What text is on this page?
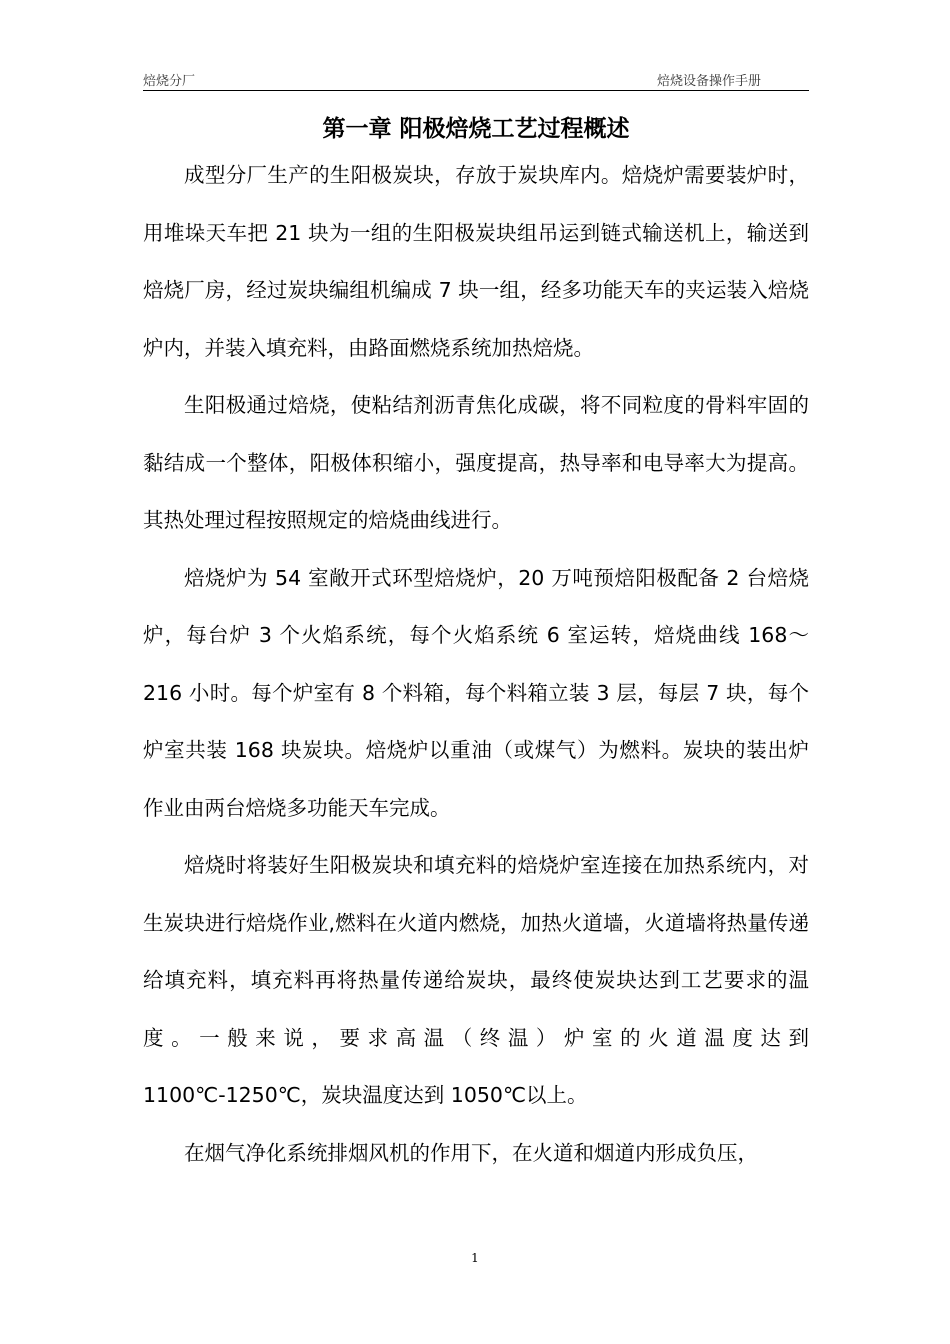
焙烧分厂	焙烧设备操作手册
第一章 阳极焙烧工艺过程概述

成型分厂生产的生阳极炭块，存放于炭块库内。焙烧炉需要装炉时，用堆垛天车把 21 块为一组的生阳极炭块组吊运到链式输送机上，输送到焙烧厂房，经过炭块编组机编成 7 块一组，经多功能天车的夹运装入焙烧炉内，并装入填充料，由路面燃烧系统加热焙烧。

生阳极通过焙烧，使粘结剂沥青焦化成碳，将不同粒度的骨料牢固的黏结成一个整体，阳极体积缩小，强度提高，热导率和电导率大为提高。其热处理过程按照规定的焙烧曲线进行。

焙烧炉为 54 室敞开式环型焙烧炉，20 万吨预焙阳极配备 2 台焙烧炉，每台炉 3 个火焰系统，每个火焰系统 6 室运转，焙烧曲线 168～216 小时。每个炉室有 8 个料箱，每个料箱立装 3 层，每层 7 块，每个炉室共装 168 块炭块。焙烧炉以重油（或煤气）为燃料。炭块的装出炉作业由两台焙烧多功能天车完成。

焙烧时将装好生阳极炭块和填充料的焙烧炉室连接在加热系统内，对生炭块进行焙烧作业,燃料在火道内燃烧，加热火道墙，火道墙将热量传递给填充料，填充料再将热量传递给炭块，最终使炭块达到工艺要求的温度。一般来说，要求高温（终温）炉室的火道温度达到 1100℃-1250℃，炭块温度达到 1050℃以上。

在烟气净化系统排烟风机的作用下，在火道和烟道内形成负压，

1
